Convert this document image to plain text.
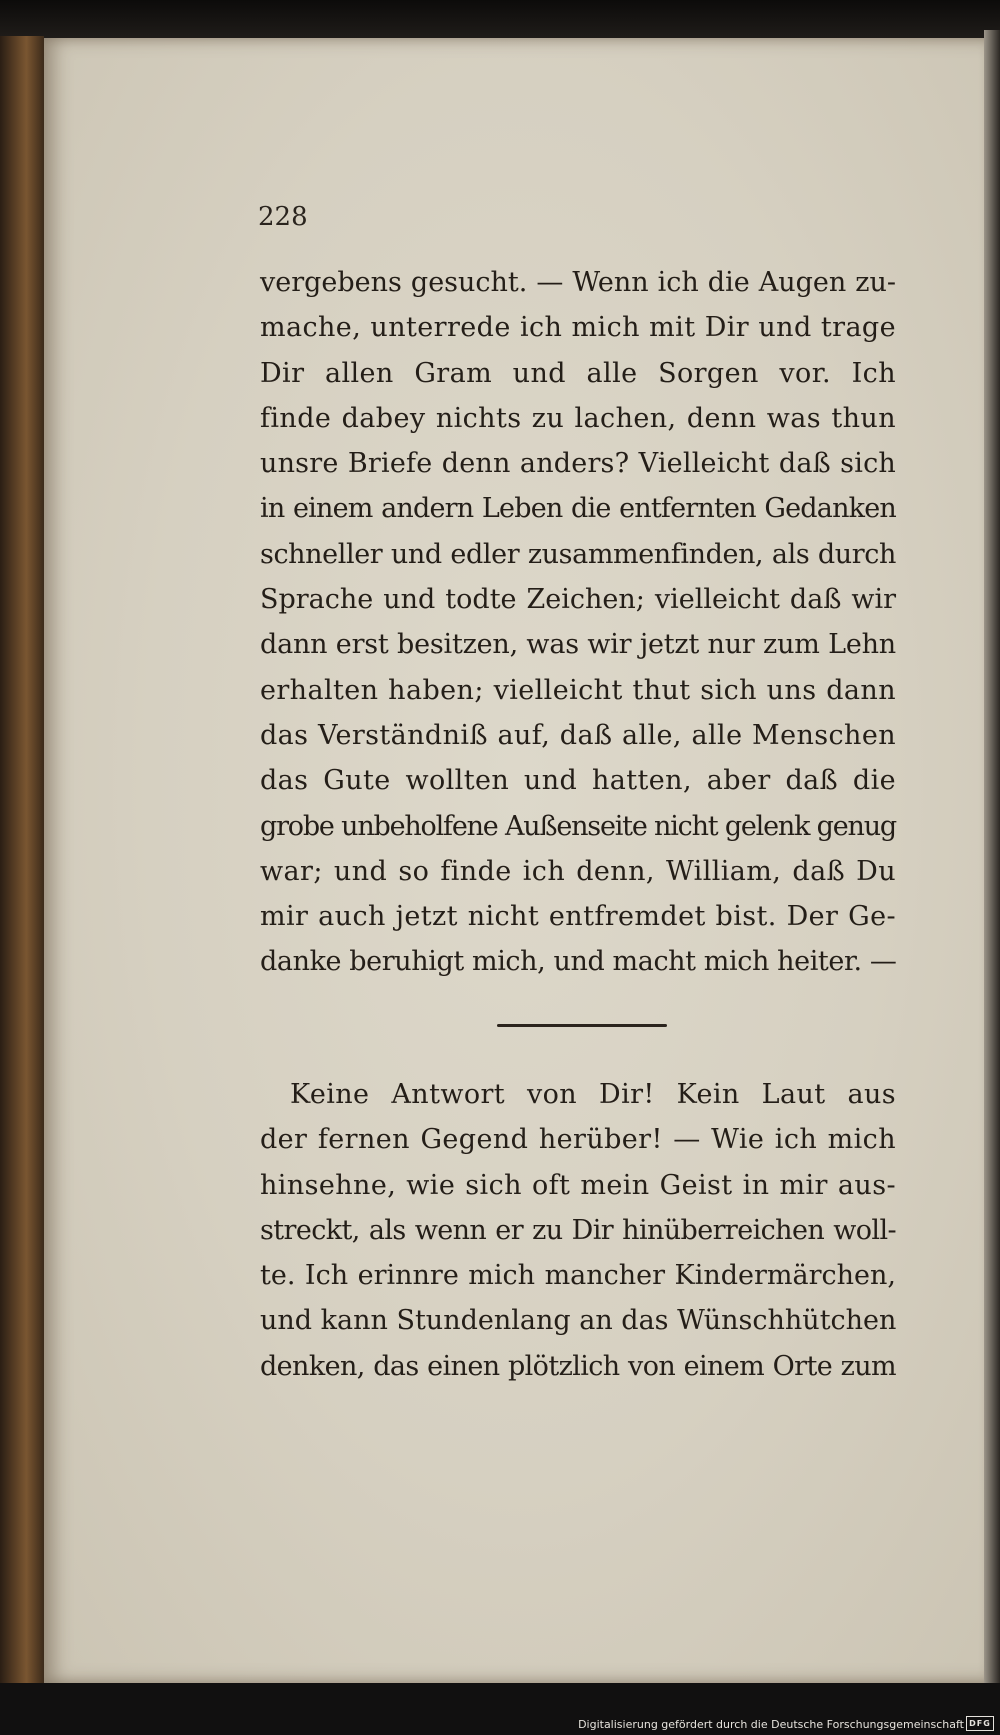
228
vergebens gesucht. — Wenn ich die Augen zu-
mache, unterrede ich mich mit Dir und trage
Dir allen Gram und alle Sorgen vor. Ich
finde dabey nichts zu lachen, denn was thun
unsre Briefe denn anders? Vielleicht daß sich
in einem andern Leben die entfernten Gedanken
schneller und edler zusammenfinden, als durch
Sprache und todte Zeichen; vielleicht daß wir
dann erst besitzen, was wir jetzt nur zum Lehn
erhalten haben; vielleicht thut sich uns dann
das Verständniß auf, daß alle, alle Menschen
das Gute wollten und hatten, aber daß die
grobe unbeholfene Außenseite nicht gelenk genug
war; und so finde ich denn, William, daß Du
mir auch jetzt nicht entfremdet bist. Der Ge-
danke beruhigt mich, und macht mich heiter. —
Keine Antwort von Dir! Kein Laut aus
der fernen Gegend herüber! — Wie ich mich
hinsehne, wie sich oft mein Geist in mir aus-
streckt, als wenn er zu Dir hinüberreichen woll-
te. Ich erinnre mich mancher Kindermärchen,
und kann Stundenlang an das Wünschhütchen
denken, das einen plötzlich von einem Orte zum
Digitalisierung gefördert durch die Deutsche Forschungsgemeinschaft DFG
